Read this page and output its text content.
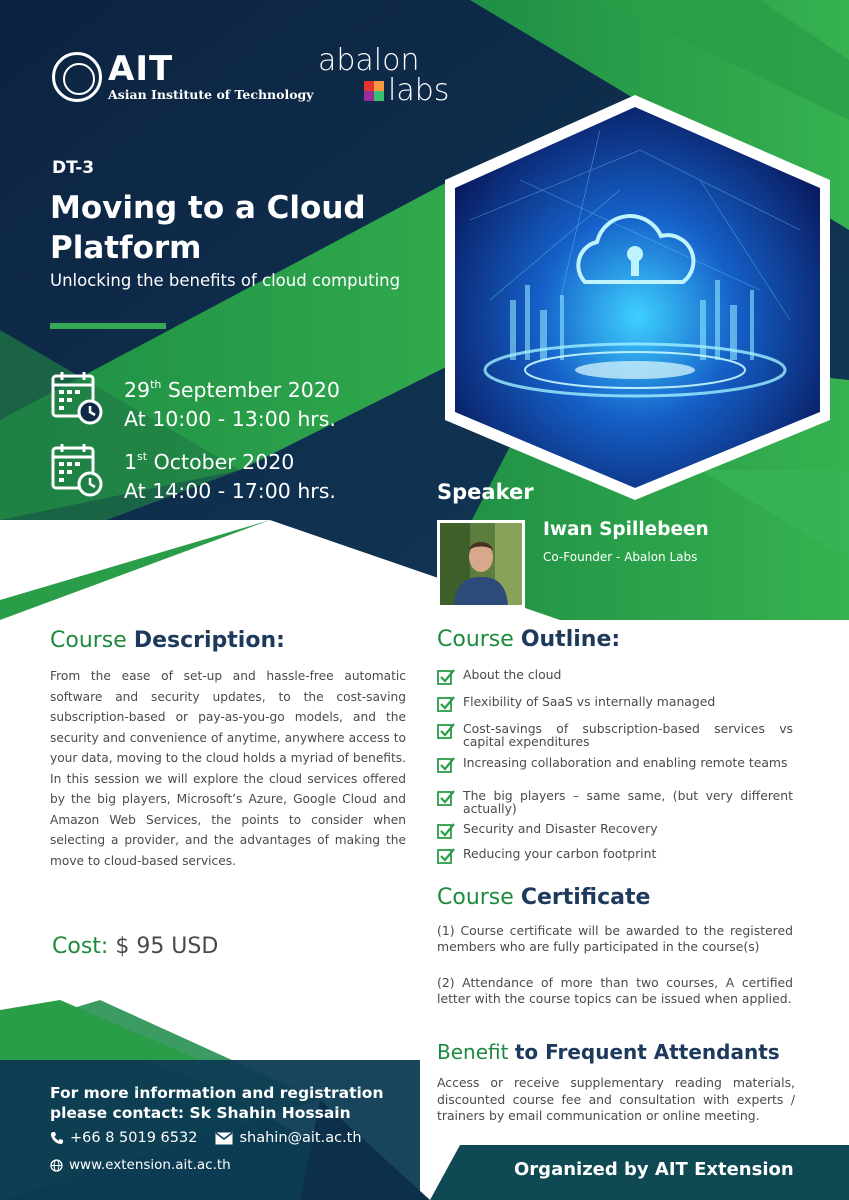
AIT
Asian Institute of Technology
abalon
labs
DT-3
Moving to a Cloud Platform
Unlocking the benefits of cloud computing
29th September 2020
At 10:00 - 13:00 hrs.
1st October 2020
At 14:00 - 17:00 hrs.	Speaker
Iwan Spillebeen
Co-Founder - Abalon Labs
Course Description:
From the ease of set-up and hassle-free automatic software and security updates, to the cost-saving subscription-based or pay-as-you-go models, and the security and convenience of anytime, anywhere access to your data, moving to the cloud holds a myriad of benefits. In this session we will explore the cloud services offered by the big players, Microsoft’s Azure, Google Cloud and Amazon Web Services, the points to consider when selecting a provider, and the advantages of making the move to cloud-based services.
Cost: $ 95 USD
Course Outline:
About the cloud
Flexibility of SaaS vs internally managed
Cost-savings of subscription-based services vs capital expenditures
Increasing collaboration and enabling remote teams
The big players – same same, (but very different actually)
Security and Disaster Recovery
Reducing your carbon footprint
Course Certificate
(1) Course certificate will be awarded to the registered members who are fully participated in the course(s)
(2) Attendance of more than two courses, A certified letter with the course topics can be issued when applied.
Benefit to Frequent Attendants
Access or receive supplementary reading materials, discounted course fee and consultation with experts / trainers by email communication or online meeting.
For more information and registration please contact: Sk Shahin Hossain
+66 8 5019 6532	shahin@ait.ac.th
www.extension.ait.ac.th	Organized by AIT Extension
